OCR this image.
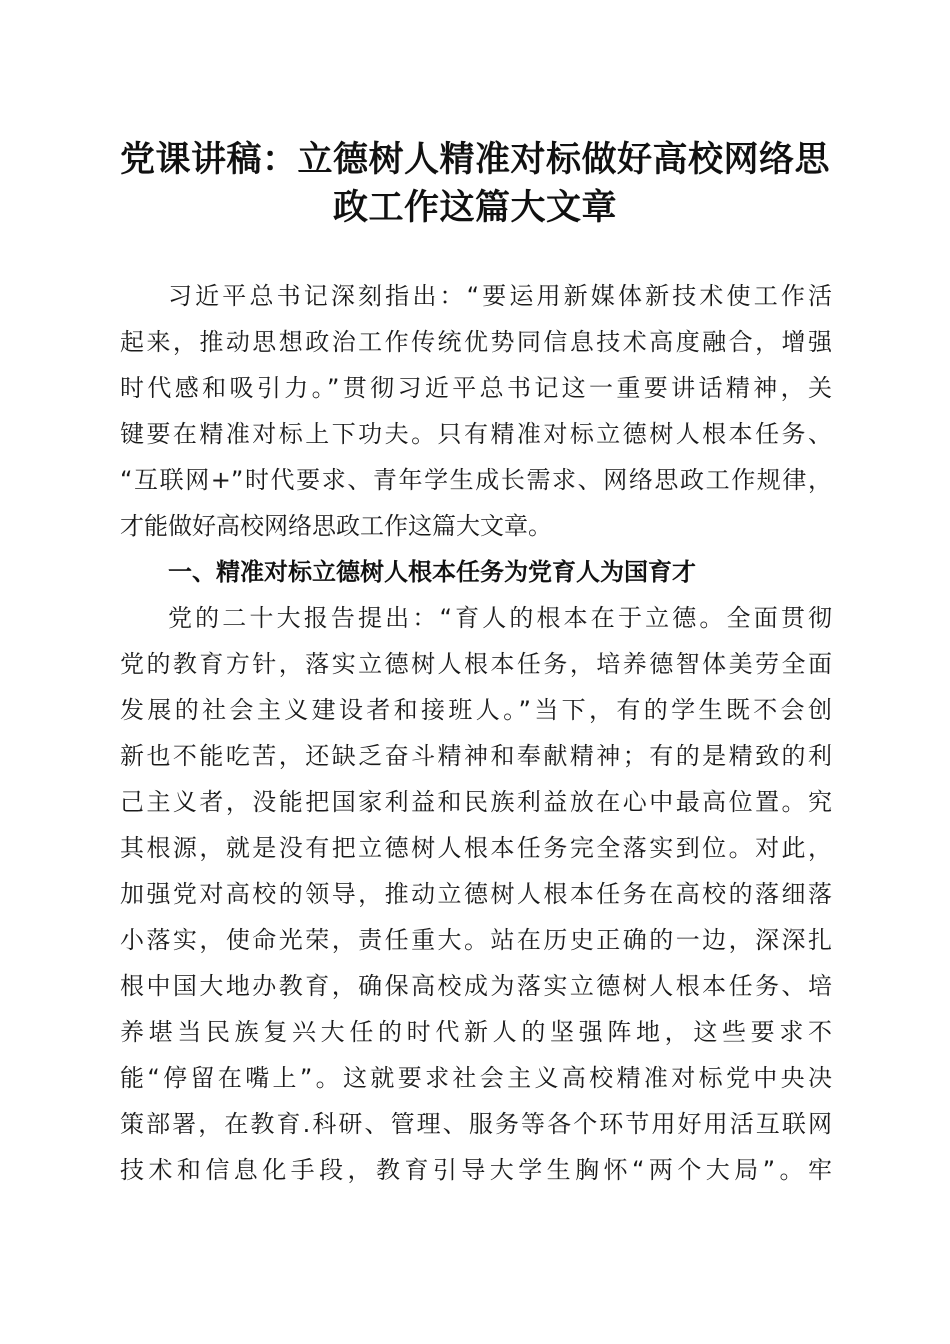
党课讲稿：立德树人精准对标做好高校网络思
政工作这篇大文章
习近平总书记深刻指出：“要运用新媒体新技术使工作活
起来，推动思想政治工作传统优势同信息技术高度融合，增强
时代感和吸引力。”贯彻习近平总书记这一重要讲话精神，关
键要在精准对标上下功夫。只有精准对标立德树人根本任务、
“互联网+”时代要求、青年学生成长需求、网络思政工作规律，
才能做好高校网络思政工作这篇大文章。
一、精准对标立德树人根本任务为党育人为国育才
党的二十大报告提出：“育人的根本在于立德。全面贯彻
党的教育方针，落实立德树人根本任务，培养德智体美劳全面
发展的社会主义建设者和接班人。”当下，有的学生既不会创
新也不能吃苦，还缺乏奋斗精神和奉献精神；有的是精致的利
己主义者，没能把国家利益和民族利益放在心中最高位置。究
其根源，就是没有把立德树人根本任务完全落实到位。对此，
加强党对高校的领导，推动立德树人根本任务在高校的落细落
小落实，使命光荣，责任重大。站在历史正确的一边，深深扎
根中国大地办教育，确保高校成为落实立德树人根本任务、培
养堪当民族复兴大任的时代新人的坚强阵地，这些要求不
能“停留在嘴上”。这就要求社会主义高校精准对标党中央决
策部署，在教育.科研、管理、服务等各个环节用好用活互联网
技术和信息化手段，教育引导大学生胸怀“两个大局”。牢
